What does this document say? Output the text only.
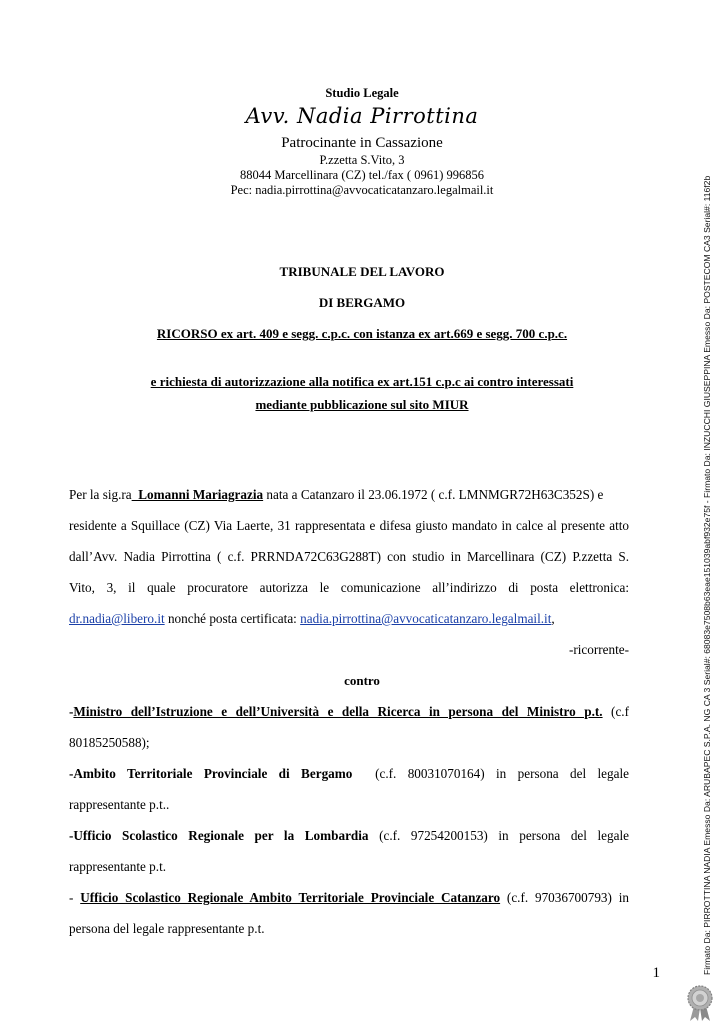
Studio Legale
Avv. Nadia Pirrottina
Patrocinante in Cassazione
P.zzetta S.Vito, 3
88044 Marcellinara (CZ) tel./fax ( 0961) 996856
Pec: nadia.pirrottina@avvocaticatanzaro.legalmail.it
TRIBUNALE DEL LAVORO
DI BERGAMO
RICORSO ex art. 409 e segg. c.p.c. con istanza ex art.669 e segg. 700 c.p.c.
e richiesta di autorizzazione alla notifica ex art.151 c.p.c ai contro interessati
mediante pubblicazione sul sito MIUR
Per la sig.ra  Lomanni Mariagrazia nata a Catanzaro il 23.06.1972 ( c.f. LMNMGR72H63C352S) e
residente a Squillace (CZ) Via Laerte, 31 rappresentata e difesa giusto mandato in calce al presente atto
dall’Avv. Nadia Pirrottina ( c.f. PRRNDA72C63G288T) con studio in Marcellinara (CZ) P.zzetta S.
Vito, 3, il quale procuratore autorizza le comunicazione all’indirizzo di posta elettronica:
dr.nadia@libero.it nonché posta certificata: nadia.pirrottina@avvocaticatanzaro.legalmail.it,
-ricorrente-
contro
-Ministro dell’Istruzione e dell’Università e della Ricerca in persona del Ministro p.t. (c.f
80185250588);
-Ambito Territoriale Provinciale di Bergamo  (c.f. 80031070164) in persona del legale
rappresentante p.t..
-Ufficio Scolastico Regionale per la Lombardia (c.f. 97254200153) in persona del legale
rappresentante p.t.
- Ufficio Scolastico Regionale Ambito Territoriale Provinciale Catanzaro (c.f. 97036700793) in
persona del legale rappresentante p.t.
1	Firmato Da: PIRROTTINA NADIA Emesso Da: ARUBAPEC S.P.A. NG CA 3 Serial#: 68083e7508b63eae151039abf932e75f - Firmato Da: INZUCCHI GIUSEPPINA Emesso Da: POSTECOM CA3 Serial#: 116f2b
